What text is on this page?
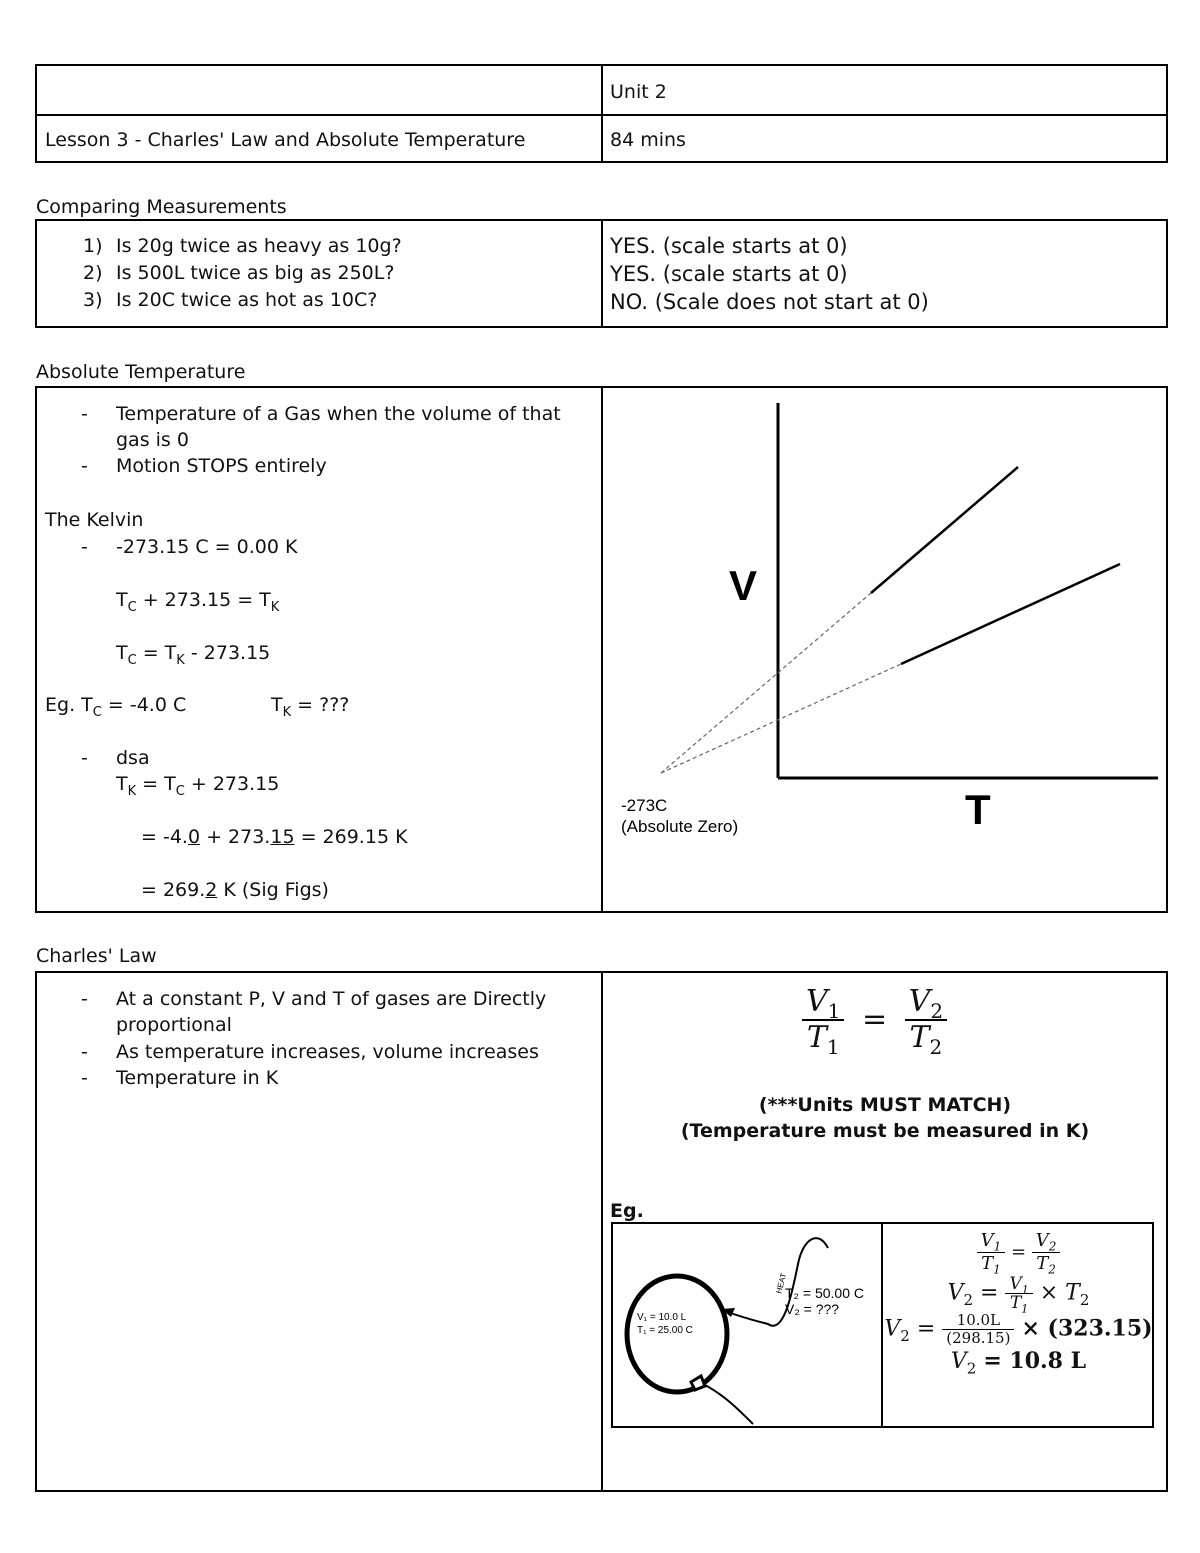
Unit 2
Lesson 3 - Charles' Law and Absolute Temperature	84 mins
Comparing Measurements
1) Is 20g twice as heavy as 10g?
2) Is 500L twice as big as 250L?
3) Is 20C twice as hot as 10C?
YES. (scale starts at 0)
YES. (scale starts at 0)
NO. (Scale does not start at 0)
Absolute Temperature
- Temperature of a Gas when the volume of that
gas is 0
- Motion STOPS entirely
The Kelvin
- -273.15 C = 0.00 K
$T_C + 273.15 = T_K$
$T_C = T_K - 273.15$
Eg. $T_C = -4.0$ C	$T_K$ = ???
- dsa
$T_K = T_C + 273.15$
= -4.0 + 273.15 = 269.15 K
= 269.2 K (Sig Figs)
V
T
-273C
(Absolute Zero)
Charles' Law
- At a constant P, V and T of gases are Directly
proportional
- As temperature increases, volume increases
- Temperature in K
$\frac{V_1}{T_1} = \frac{V_2}{T_2}$
(***Units MUST MATCH)
(Temperature must be measured in K)
Eg.
V₁ = 10.0 L
T₁ = 25.00 C
HEAT
T₂ = 50.00 C
V₂ = ???
$\frac{V_1}{T_1} = \frac{V_2}{T_2}$
$V_2 = \frac{V_1}{T_1} \times T_2$
$V_2 = \frac{10.0L}{(298.15)} \times (323.15)$
$V_2 = 10.8$ L
